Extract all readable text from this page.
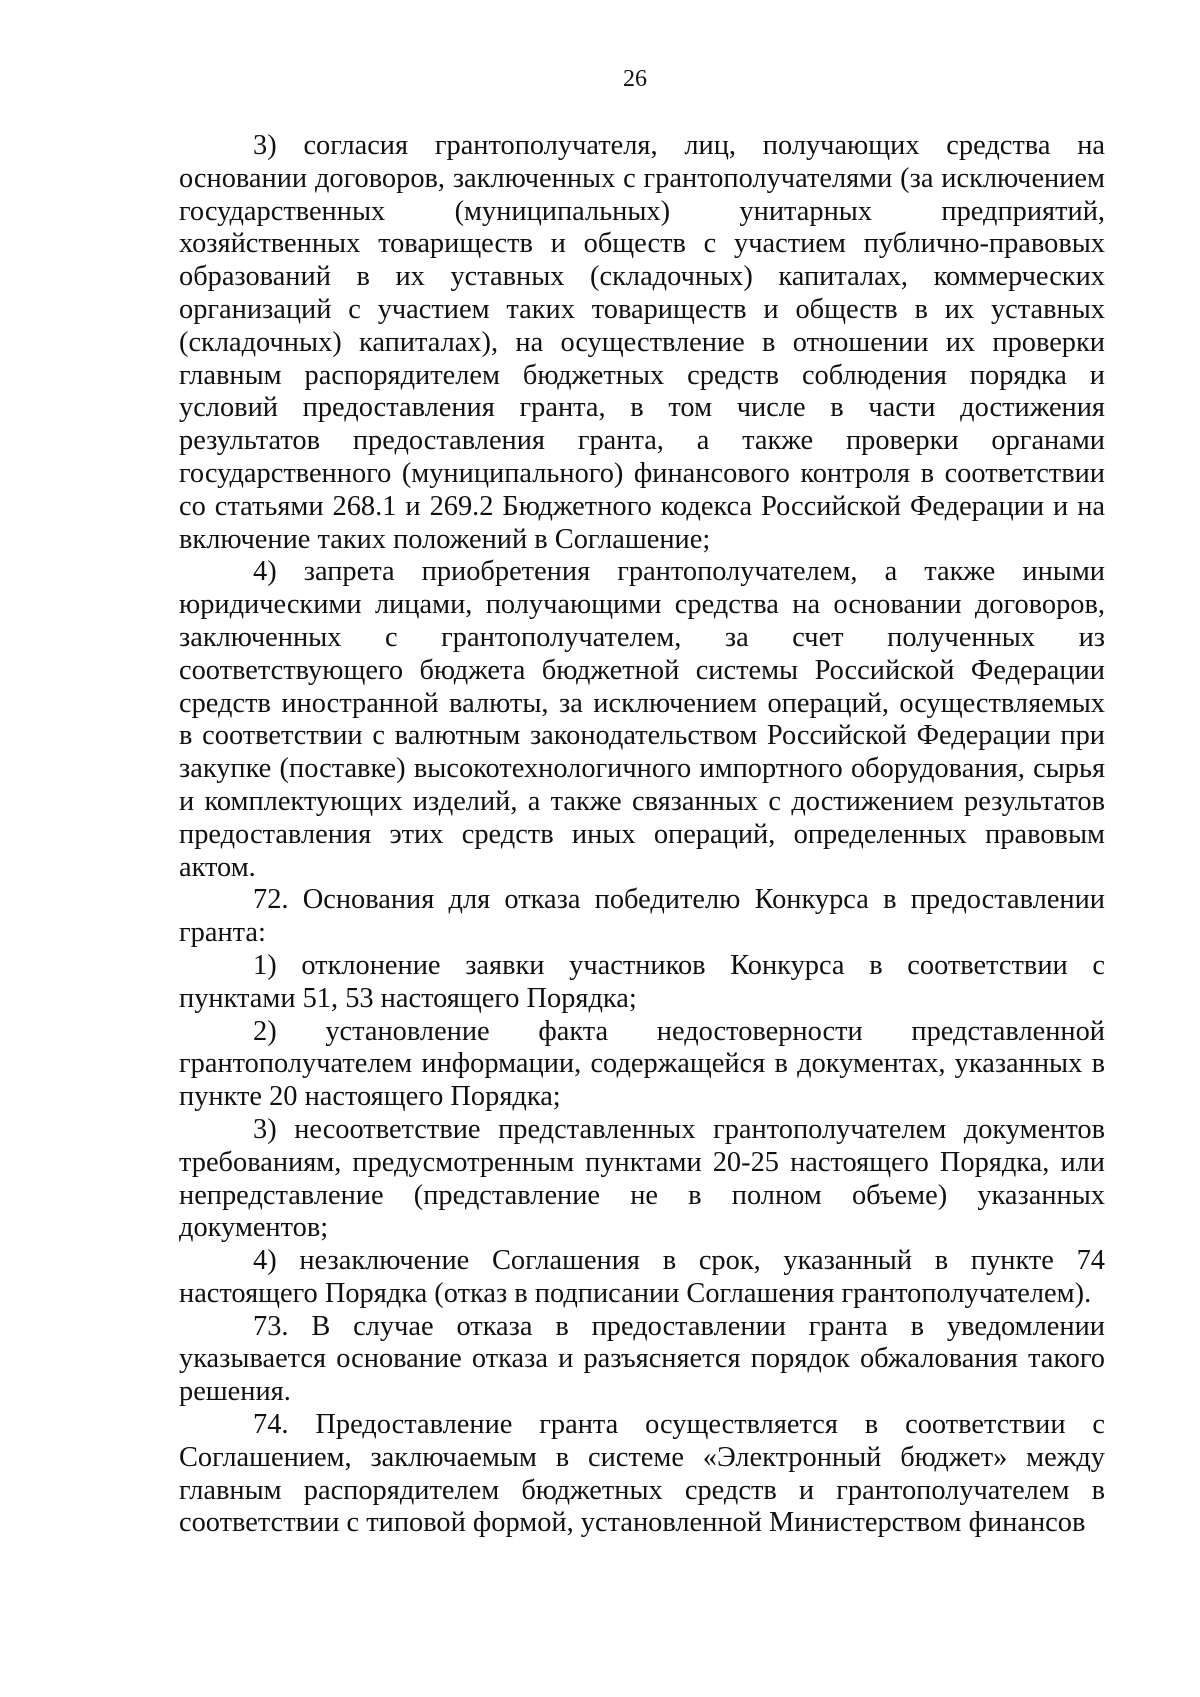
26

3) согласия грантополучателя, лиц, получающих средства на основании договоров, заключенных с грантополучателями (за исключением государственных (муниципальных) унитарных предприятий, хозяйственных товариществ и обществ с участием публично-правовых образований в их уставных (складочных) капиталах, коммерческих организаций с участием таких товариществ и обществ в их уставных (складочных) капиталах), на осуществление в отношении их проверки главным распорядителем бюджетных средств соблюдения порядка и условий предоставления гранта, в том числе в части достижения результатов предоставления гранта, а также проверки органами государственного (муниципального) финансового контроля в соответствии со статьями 268.1 и 269.2 Бюджетного кодекса Российской Федерации и на включение таких положений в Соглашение;

4) запрета приобретения грантополучателем, а также иными юридическими лицами, получающими средства на основании договоров, заключенных с грантополучателем, за счет полученных из соответствующего бюджета бюджетной системы Российской Федерации средств иностранной валюты, за исключением операций, осуществляемых в соответствии с валютным законодательством Российской Федерации при закупке (поставке) высокотехнологичного импортного оборудования, сырья и комплектующих изделий, а также связанных с достижением результатов предоставления этих средств иных операций, определенных правовым актом.

72. Основания для отказа победителю Конкурса в предоставлении гранта:

1) отклонение заявки участников Конкурса в соответствии с пунктами 51, 53 настоящего Порядка;

2) установление факта недостоверности представленной грантополучателем информации, содержащейся в документах, указанных в пункте 20 настоящего Порядка;

3) несоответствие представленных грантополучателем документов требованиям, предусмотренным пунктами 20-25 настоящего Порядка, или непредставление (представление не в полном объеме) указанных документов;

4) незаключение Соглашения в срок, указанный в пункте 74 настоящего Порядка (отказ в подписании Соглашения грантополучателем).

73. В случае отказа в предоставлении гранта в уведомлении указывается основание отказа и разъясняется порядок обжалования такого решения.

74. Предоставление гранта осуществляется в соответствии с Соглашением, заключаемым в системе «Электронный бюджет» между главным распорядителем бюджетных средств и грантополучателем в соответствии с типовой формой, установленной Министерством финансов
